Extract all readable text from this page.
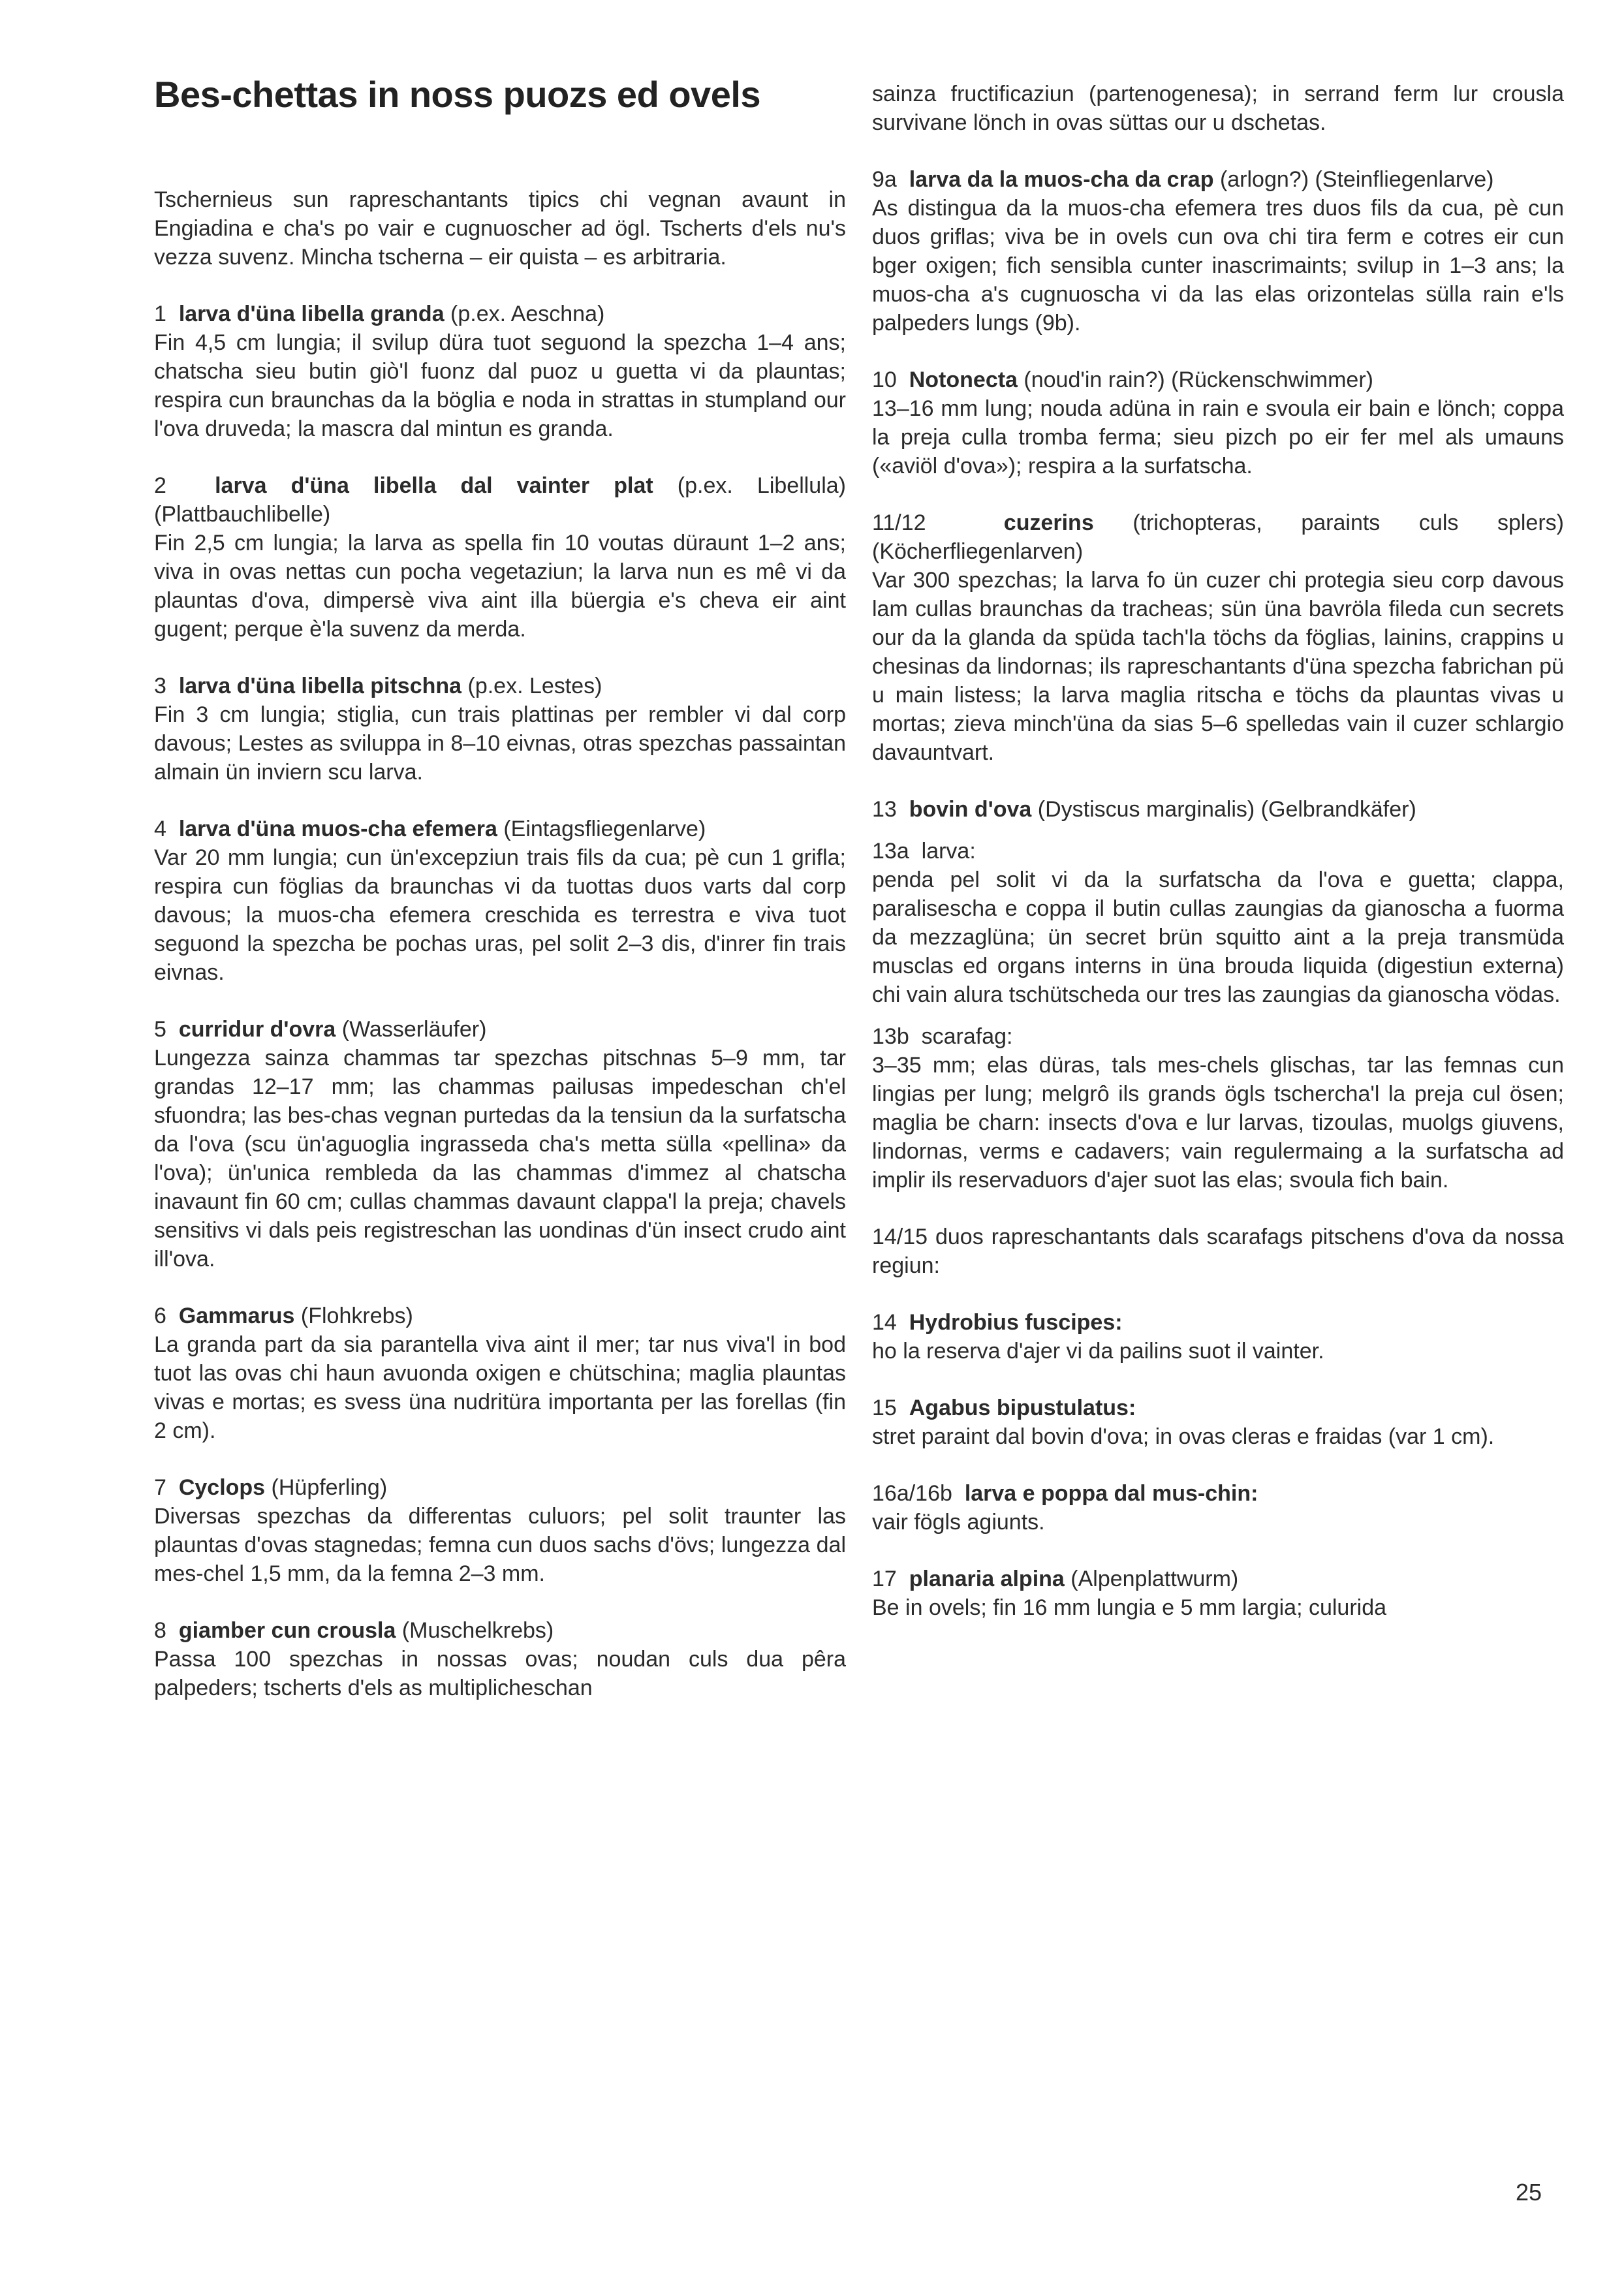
Bes-chettas in noss puozs ed ovels

Tschernieus sun rapreschantants tipics chi vegnan avaunt in Engiadina e cha's po vair e cugnuoscher ad ögl. Tscherts d'els nu's vezza suvenz. Mincha tscherna – eir quista – es arbitraria.

1 larva d'üna libella granda (p.ex. Aeschna)
Fin 4,5 cm lungia; il svilup düra tuot seguond la spezcha 1–4 ans; chatscha sieu butin giò'l fuonz dal puoz u guetta vi da plauntas; respira cun braunchas da la böglia e noda in strattas in stumpland our l'ova druveda; la mascra dal mintun es granda.
2 larva d'üna libella dal vainter plat (p.ex. Libellula) (Plattbauchlibelle)
Fin 2,5 cm lungia; la larva as spella fin 10 voutas düraunt 1–2 ans; viva in ovas nettas cun pocha vegetaziun; la larva nun es mê vi da plauntas d'ova, dimpersè viva aint illa büergia e's cheva eir aint gugent; perque è'la suvenz da merda.
3 larva d'üna libella pitschna (p.ex. Lestes)
Fin 3 cm lungia; stiglia, cun trais plattinas per rembler vi dal corp davous; Lestes as sviluppa in 8–10 eivnas, otras spezchas passaintan almain ün inviern scu larva.
4 larva d'üna muos-cha efemera (Eintagsfliegenlarve)
Var 20 mm lungia; cun ün'excepziun trais fils da cua; pè cun 1 grifla; respira cun föglias da braunchas vi da tuottas duos varts dal corp davous; la muos-cha efemera creschida es terrestra e viva tuot seguond la spezcha be pochas uras, pel solit 2–3 dis, d'inrer fin trais eivnas.
5 curridur d'ovra (Wasserläufer)
Lungezza sainza chammas tar spezchas pitschnas 5–9 mm, tar grandas 12–17 mm; las chammas pailusas impedeschan ch'el sfuondra; las bes-chas vegnan purtedas da la tensiun da la surfatscha da l'ova (scu ün'aguoglia ingrasseda cha's metta sülla «pellina» da l'ova); ün'unica rembleda da las chammas d'immez al chatscha inavaunt fin 60 cm; cullas chammas davaunt clappa'l la preja; chavels sensitivs vi dals peis registreschan las uondinas d'ün insect crudo aint ill'ova.
6 Gammarus (Flohkrebs)
La granda part da sia parantella viva aint il mer; tar nus viva'l in bod tuot las ovas chi haun avuonda oxigen e chütschina; maglia plauntas vivas e mortas; es svess üna nudritüra importanta per las forellas (fin 2 cm).
7 Cyclops (Hüpferling)
Diversas spezchas da differentas culuors; pel solit traunter las plauntas d'ovas stagnedas; femna cun duos sachs d'övs; lungezza dal mes-chel 1,5 mm, da la femna 2–3 mm.
8 giamber cun crousla (Muschelkrebs)
Passa 100 spezchas in nossas ovas; noudan culs dua pêra palpeders; tscherts d'els as multiplicheschan

sainza fructificaziun (partenogenesa); in serrand ferm lur crousla survivane lönch in ovas süttas our u dschetas.

9a larva da la muos-cha da crap (arlogn?) (Steinfliegenlarve)
As distingua da la muos-cha efemera tres duos fils da cua, pè cun duos griflas; viva be in ovels cun ova chi tira ferm e cotres eir cun bger oxigen; fich sensibla cunter inascrimaints; svilup in 1–3 ans; la muos-cha a's cugnuoscha vi da las elas orizontelas sülla rain e'ls palpeders lungs (9b).
10 Notonecta (noud'in rain?) (Rückenschwimmer)
13–16 mm lung; nouda adüna in rain e svoula eir bain e lönch; coppa la preja culla tromba ferma; sieu pizch po eir fer mel als umauns («aviöl d'ova»); respira a la surfatscha.
11/12	cuzerins (trichopteras, paraints culs splers) (Köcherfliegenlarven)
Var 300 spezchas; la larva fo ün cuzer chi protegia sieu corp davous lam cullas braunchas da tracheas; sün üna bavröla fileda cun secrets our da la glanda da spüda tach'la töchs da föglias, lainins, crappins u chesinas da lindornas; ils rapreschantants d'üna spezcha fabrichan pü u main listess; la larva maglia ritscha e töchs da plauntas vivas u mortas; zieva minch'üna da sias 5–6 spelledas vain il cuzer schlargio davauntvart.
13 bovin d'ova (Dystiscus marginalis) (Gelbrandkäfer)
13a larva:
penda pel solit vi da la surfatscha da l'ova e guetta; clappa, paralisescha e coppa il butin cullas zaungias da gianoscha a fuorma da mezzaglüna; ün secret brün squitto aint a la preja transmüda musclas ed organs interns in üna brouda liquida (digestiun externa) chi vain alura tschütscheda our tres las zaungias da gianoscha vödas.
13b scarafag:
3–35 mm; elas düras, tals mes-chels glischas, tar las femnas cun lingias per lung; melgrô ils grands ögls tschercha'l la preja cul ösen; maglia be charn: insects d'ova e lur larvas, tizoulas, muolgs giuvens, lindornas, verms e cadavers; vain regulermaing a la surfatscha ad implir ils reservaduors d'ajer suot las elas; svoula fich bain.
14/15 duos rapreschantants dals scarafags pitschens d'ova da nossa regiun:
14 Hydrobius fuscipes:
ho la reserva d'ajer vi da pailins suot il vainter.
15 Agabus bipustulatus:
stret paraint dal bovin d'ova; in ovas cleras e fraidas (var 1 cm).
16a/16b larva e poppa dal mus-chin:
vair fögls agiunts.
17 planaria alpina (Alpenplattwurm)
Be in ovels; fin 16 mm lungia e 5 mm largia; culurida
25
